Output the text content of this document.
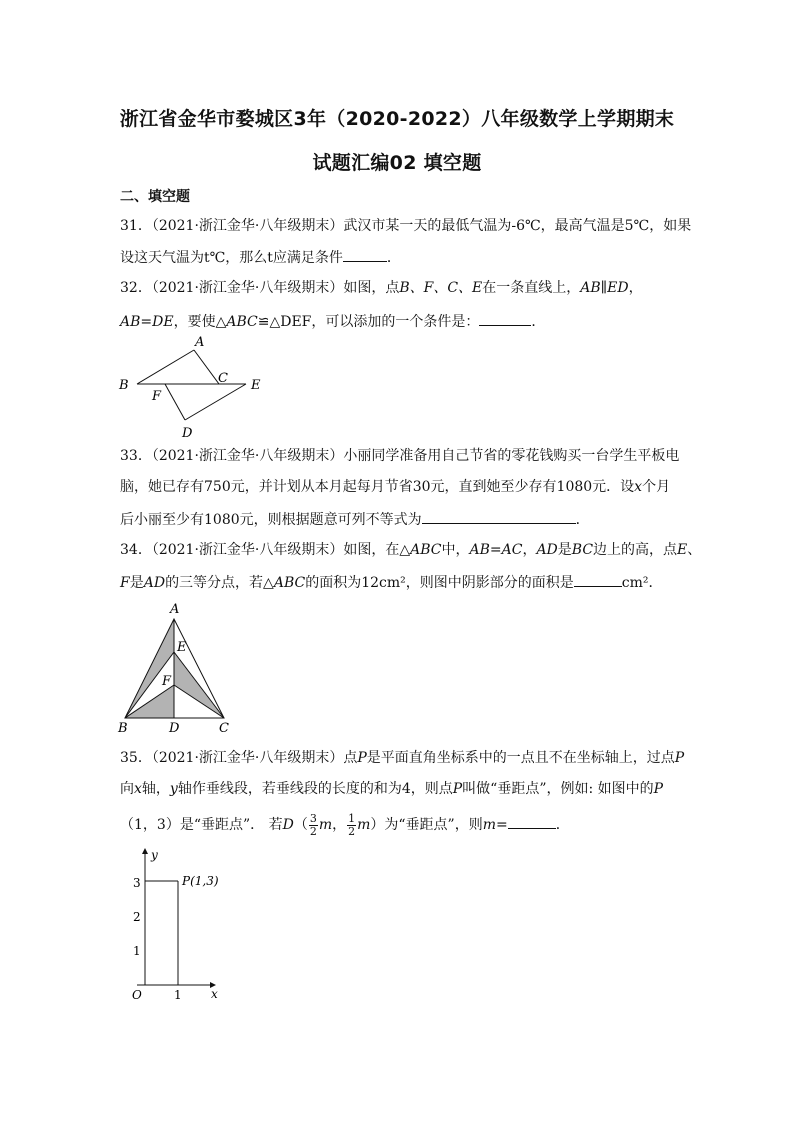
浙江省金华市婺城区3年（2020-2022）八年级数学上学期期末
试题汇编02 填空题
二、填空题
31．（2021·浙江金华·八年级期末）武汉市某一天的最低气温为-6℃，最高气温是5℃，如果
设这天气温为t℃，那么t应满足条件	．
32．（2021·浙江金华·八年级期末）如图，点B、F、C、E在一条直线上，AB∥ED，
AB=DE，要使△ABC≌△DEF，可以添加的一个条件是：	．
A
B	C E
F
D
33．（2021·浙江金华·八年级期末）小丽同学准备用自己节省的零花钱购买一台学生平板电
脑，她已存有750元，并计划从本月起每月节省30元，直到她至少存有1080元．设x个月
后小丽至少有1080元，则根据题意可列不等式为	．
34．（2021·浙江金华·八年级期末）如图，在△ABC中，AB=AC，AD是BC边上的高，点E、
F是AD的三等分点，若△ABC的面积为12cm²，则图中阴影部分的面积是	cm²．
A
E
F
B	D	C
35．（2021·浙江金华·八年级期末）点P是平面直角坐标系中的一点且不在坐标轴上，过点P
向x轴，y轴作垂线段，若垂线段的长度的和为4，则点P叫做“垂距点”，例如: 如图中的P
（1，3）是“垂距点”． 若$D( \frac{3}{2}$ m， $\frac{1}{2} m$）为“垂距点”，则m=	．
y
x
O
1
2
3
1
P(1,3)
